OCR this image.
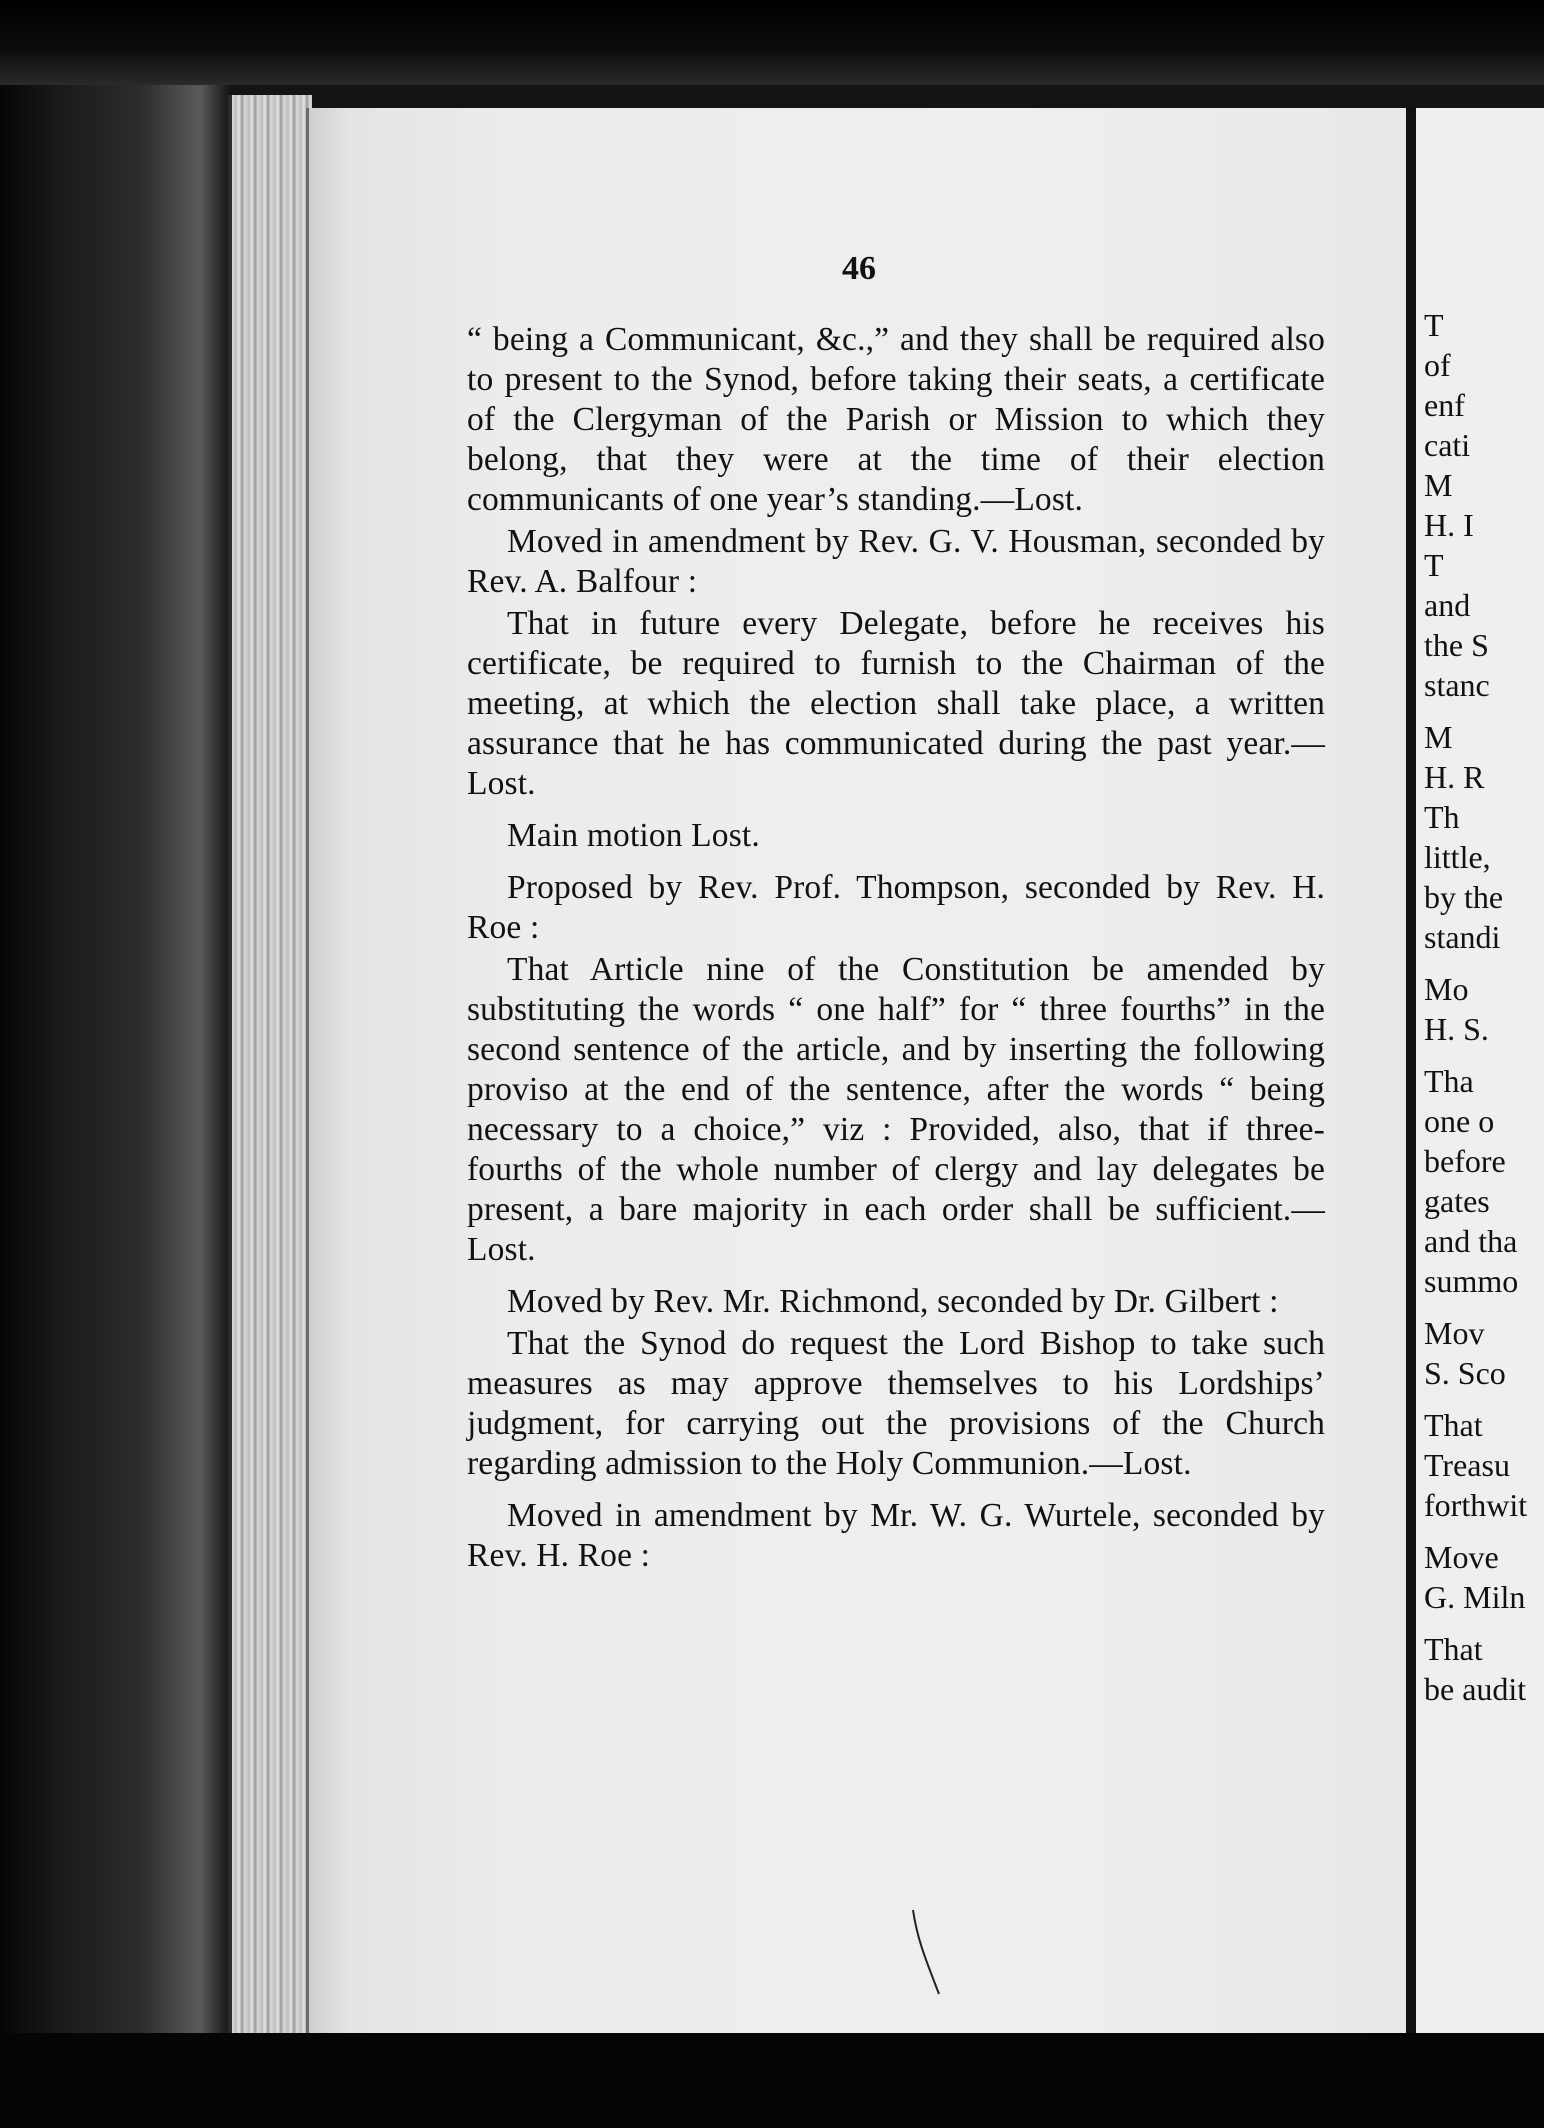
46

“ being a Communicant, &c.,” and they shall be required also to present to the Synod, before taking their seats, a certificate of the Clergyman of the Parish or Mission to which they belong, that they were at the time of their election communicants of one year’s standing.—Lost.

Moved in amendment by Rev. G. V. Housman, seconded by Rev. A. Balfour :

That in future every Delegate, before he receives his certificate, be required to furnish to the Chairman of the meeting, at which the election shall take place, a written assurance that he has communicated during the past year.—Lost.

Main motion Lost.

Proposed by Rev. Prof. Thompson, seconded by Rev. H. Roe :

That Article nine of the Constitution be amended by substituting the words “ one half” for “ three fourths” in the second sentence of the article, and by inserting the following proviso at the end of the sentence, after the words “ being necessary to a choice,” viz : Provided, also, that if three-fourths of the whole number of clergy and lay delegates be present, a bare majority in each order shall be sufficient.—Lost.

Moved by Rev. Mr. Richmond, seconded by Dr. Gilbert :

That the Synod do request the Lord Bishop to take such measures as may approve themselves to his Lordships’ judgment, for carrying out the provisions of the Church regarding admission to the Holy Communion.—Lost.

Moved in amendment by Mr. W. G. Wurtele, seconded by Rev. H. Roe :

T
of
enf
cati
M
H. I
T
and
the S
stanc
M
H. R
Th
little,
by the
standi
Mo
H. S.
Tha
one o
before
gates
and tha
summo
Mov
S. Sco
That
Treasu
forthwit
Move
G. Miln
That
be audit
